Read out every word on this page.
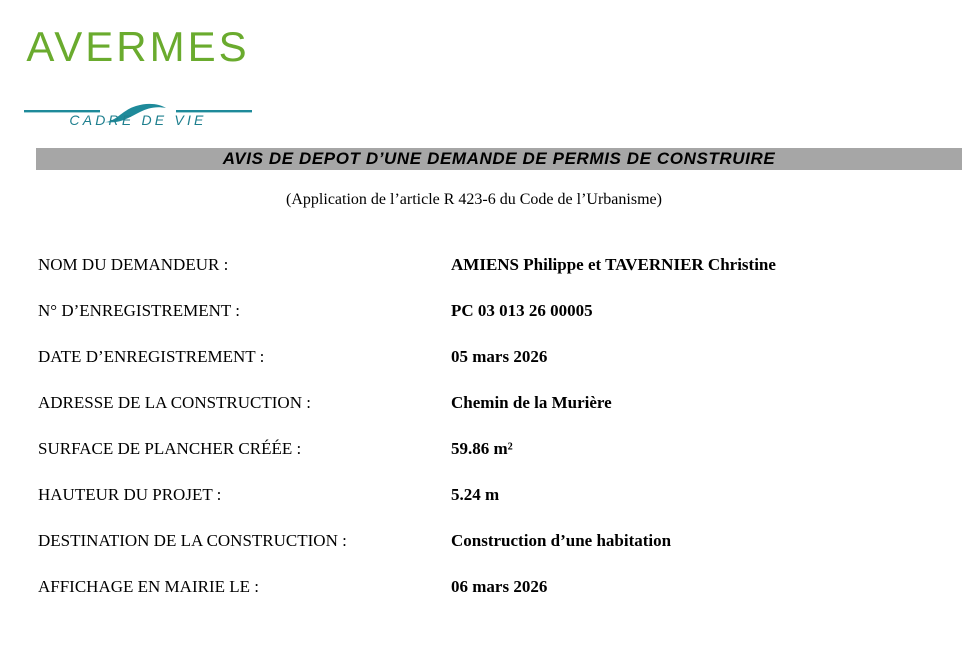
AVERMES
CADRE DE VIE
AVIS DE DEPOT D’UNE DEMANDE DE PERMIS DE CONSTRUIRE
(Application de l’article R 423-6 du Code de l’Urbanisme)
NOM DU DEMANDEUR :	AMIENS Philippe et TAVERNIER Christine
N° D’ENREGISTREMENT :	PC 03 013 26 00005
DATE D’ENREGISTREMENT :	05 mars 2026
ADRESSE DE LA CONSTRUCTION :	Chemin de la Murière
SURFACE DE PLANCHER CRÉÉE :	59.86 m²
HAUTEUR DU PROJET :	5.24 m
DESTINATION DE LA CONSTRUCTION :	Construction d’une habitation
AFFICHAGE EN MAIRIE LE :	06 mars 2026
